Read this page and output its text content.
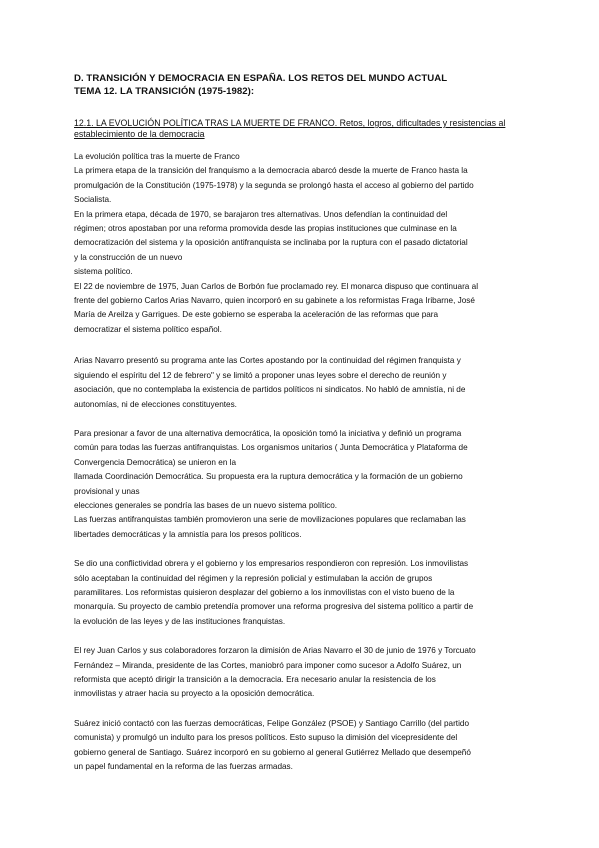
D. TRANSICIÓN Y DEMOCRACIA EN ESPAÑA. LOS RETOS DEL MUNDO ACTUAL
TEMA 12. LA TRANSICIÓN (1975-1982):
12.1. LA EVOLUCIÓN POLÍTICA TRAS LA MUERTE DE FRANCO. Retos, logros, dificultades y resistencias al establecimiento de la democracia

La evolución política tras la muerte de Franco

La primera etapa de la transición del franquismo a la democracia abarcó desde la muerte de Franco hasta la

promulgación de la Constitución (1975-1978) y la segunda se prolongó hasta el acceso al gobierno del partido

Socialista.

En la primera etapa, década de 1970, se barajaron tres alternativas. Unos defendían la continuidad del

régimen; otros apostaban por una reforma promovida desde las propias instituciones que culminase en la

democratización del sistema y la oposición antifranquista se inclinaba por la ruptura con el pasado dictatorial

y la construcción de un nuevo

sistema político.

El 22 de noviembre de 1975, Juan Carlos de Borbón fue proclamado rey. El monarca dispuso que continuara al

frente del gobierno Carlos Arias Navarro, quien incorporó en su gabinete a los reformistas Fraga Iribarne, José

María de Areilza y Garrigues. De este gobierno se esperaba la aceleración de las reformas que para

democratizar el sistema político español.

Arias Navarro presentó su programa ante las Cortes apostando por la continuidad del régimen franquista y

siguiendo el espíritu del 12 de febrero" y se limitó a proponer unas leyes sobre el derecho de reunión y

asociación, que no contemplaba la existencia de partidos políticos ni sindicatos. No habló de amnistía, ni de

autonomías, ni de elecciones constituyentes.

Para presionar a favor de una alternativa democrática, la oposición tomó la iniciativa y definió un programa

común para todas las fuerzas antifranquistas. Los organismos unitarios ( Junta Democrática y Plataforma de

Convergencia Democrática) se unieron en la

llamada Coordinación Democrática. Su propuesta era la ruptura democrática y la formación de un gobierno

provisional y unas

elecciones generales se pondría las bases de un nuevo sistema político.

Las fuerzas antifranquistas también promovieron una serie de movilizaciones populares que reclamaban las

libertades democráticas y la amnistía para los presos políticos.

Se dio una conflictividad obrera y el gobierno y los empresarios respondieron con represión. Los inmovilistas

sólo aceptaban la continuidad del régimen y la represión policial y estimulaban la acción de grupos

paramilitares. Los reformistas quisieron desplazar del gobierno a los inmovilistas con el visto bueno de la

monarquía. Su proyecto de cambio pretendía promover una reforma progresiva del sistema político a partir de

la evolución de las leyes y de las instituciones franquistas.

El rey Juan Carlos y sus colaboradores forzaron la dimisión de Arias Navarro el 30 de junio de 1976 y Torcuato

Fernández – Miranda, presidente de las Cortes, maniobró para imponer como sucesor a Adolfo Suárez, un

reformista que aceptó dirigir la transición a la democracia. Era necesario anular la resistencia de los

inmovilistas y atraer hacia su proyecto a la oposición democrática.

Suárez inició contactó con las fuerzas democráticas, Felipe González (PSOE) y Santiago Carrillo (del partido

comunista) y promulgó un indulto para los presos políticos. Esto supuso la dimisión del vicepresidente del

gobierno general de Santiago. Suárez incorporó en su gobierno al general Gutiérrez Mellado que desempeñó

un papel fundamental en la reforma de las fuerzas armadas.
